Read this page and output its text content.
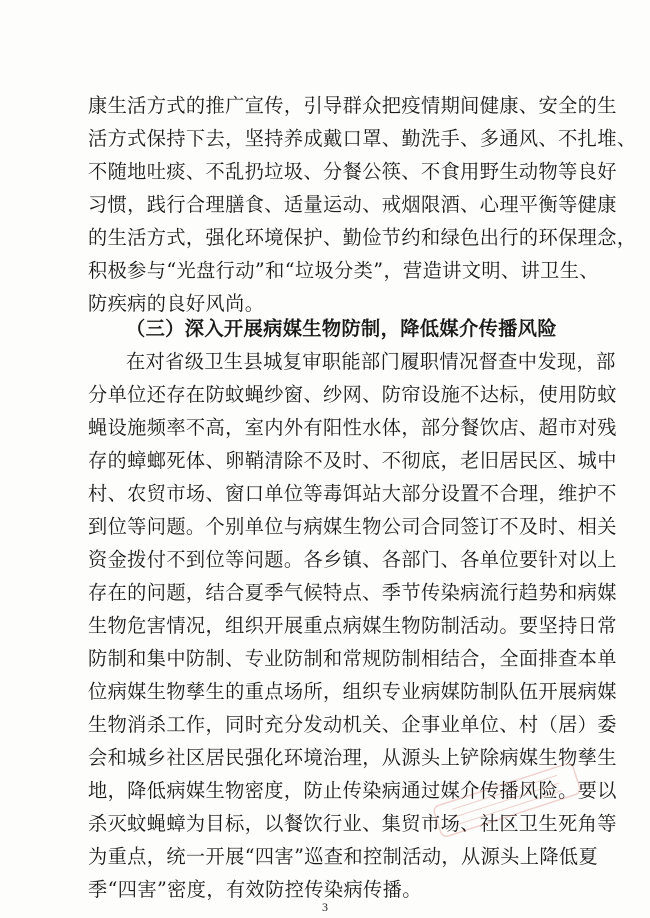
康生活方式的推广宣传，引导群众把疫情期间健康、安全的生
活方式保持下去，坚持养成戴口罩、勤洗手、多通风、不扎堆、
不随地吐痰、不乱扔垃圾、分餐公筷、不食用野生动物等良好
习惯，践行合理膳食、适量运动、戒烟限酒、心理平衡等健康
的生活方式，强化环境保护、勤俭节约和绿色出行的环保理念，
积极参与“光盘行动”和“垃圾分类”，营造讲文明、讲卫生、
防疾病的良好风尚。
（三）深入开展病媒生物防制，降低媒介传播风险
在对省级卫生县城复审职能部门履职情况督查中发现，部
分单位还存在防蚊蝇纱窗、纱网、防帘设施不达标，使用防蚊
蝇设施频率不高，室内外有阳性水体，部分餐饮店、超市对残
存的蟑螂死体、卵鞘清除不及时、不彻底，老旧居民区、城中
村、农贸市场、窗口单位等毒饵站大部分设置不合理，维护不
到位等问题。个别单位与病媒生物公司合同签订不及时、相关
资金拨付不到位等问题。各乡镇、各部门、各单位要针对以上
存在的问题，结合夏季气候特点、季节传染病流行趋势和病媒
生物危害情况，组织开展重点病媒生物防制活动。要坚持日常
防制和集中防制、专业防制和常规防制相结合，全面排查本单
位病媒生物孳生的重点场所，组织专业病媒防制队伍开展病媒
生物消杀工作，同时充分发动机关、企事业单位、村（居）委
会和城乡社区居民强化环境治理，从源头上铲除病媒生物孳生
地，降低病媒生物密度，防止传染病通过媒介传播风险。要以
杀灭蚊蝇蟑为目标，以餐饮行业、集贸市场、社区卫生死角等
为重点，统一开展“四害”巡查和控制活动，从源头上降低夏
季“四害”密度，有效防控传染病传播。
3
